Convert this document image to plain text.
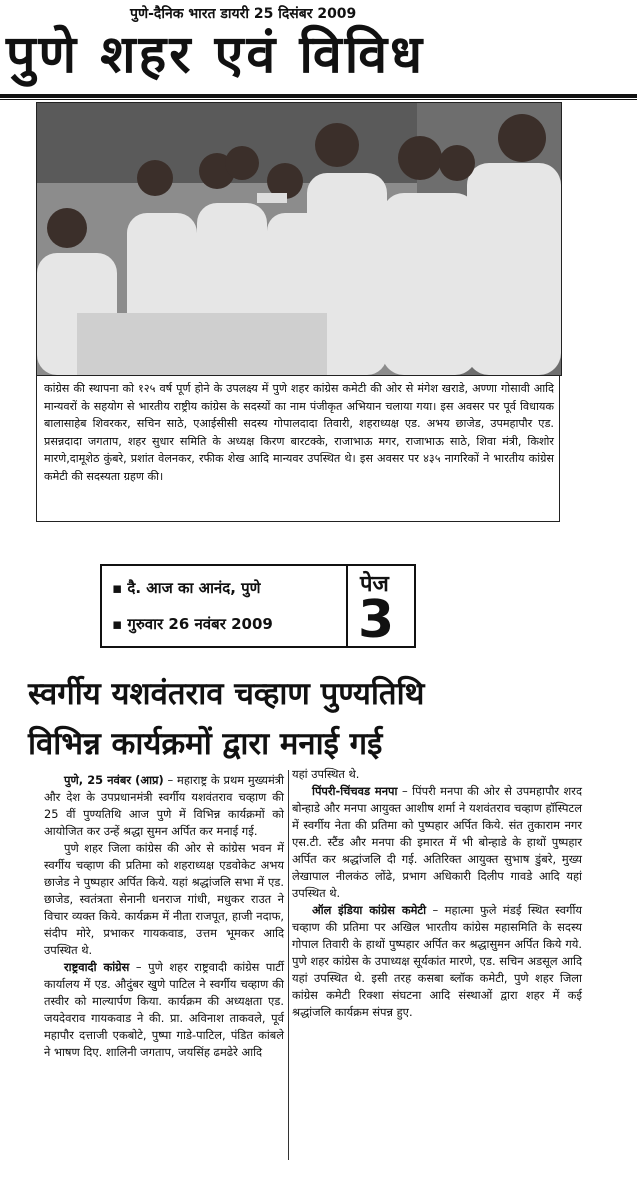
पुणे-दैनिक भारत डायरी 25 दिसंबर 2009
पुणे शहर एवं विविध
कांग्रेस की स्थापना को १२५ वर्ष पूर्ण होने के उपलक्ष्य में पुणे शहर कांग्रेस कमेटी की ओर से मंगेश खराडे, अण्णा गोसावी आदि मान्यवरों के सहयोग से भारतीय राष्ट्रीय कांग्रेस के सदस्यों का नाम पंजीकृत अभियान चलाया गया। इस अवसर पर पूर्व विधायक बालासाहेब शिवरकर, सचिन साठे, एआईसीसी सदस्य गोपालदादा तिवारी, शहराध्यक्ष एड. अभय छाजेड, उपमहापौर एड. प्रसन्नदादा जगताप, शहर सुधार समिति के अध्यक्ष किरण बारटक्के, राजाभाऊ मगर, राजाभाऊ साठे, शिवा मंत्री, किशोर मारणे,दामूशेठ कुंबरे, प्रशांत वेलनकर, रफीक शेख आदि मान्यवर उपस्थित थे। इस अवसर पर ४३५ नागरिकों ने भारतीय कांग्रेस कमेटी की सदस्यता ग्रहण की।
▪ दै. आज का आनंद, पुणे
▪ गुरुवार 26 नवंबर 2009
पेज
3
स्वर्गीय यशवंतराव चव्हाण पुण्यतिथि
विभिन्न कार्यक्रमों द्वारा मनाई गई

पुणे, 25 नवंबर (आप्र) – महाराष्ट्र के प्रथम मुख्यमंत्री और देश के उपप्रधानमंत्री स्वर्गीय यशवंतराव चव्हाण की 25 वीं पुण्यतिथि आज पुणे में विभिन्न कार्यक्रमों को आयोजित कर उन्हें श्रद्धा सुमन अर्पित कर मनाई गई.

पुणे शहर जिला कांग्रेस की ओर से कांग्रेस भवन में स्वर्गीय चव्हाण की प्रतिमा को शहराध्यक्ष एडवोकेट अभय छाजेड ने पुष्पहार अर्पित किये. यहां श्रद्धांजलि सभा में एड. छाजेड, स्वतंत्रता सेनानी धनराज गांधी, मधुकर राउत ने विचार व्यक्त किये. कार्यक्रम में नीता राजपूत, हाजी नदाफ, संदीप मोरे, प्रभाकर गायकवाड, उत्तम भूमकर आदि उपस्थित थे.

राष्ट्रवादी कांग्रेस – पुणे शहर राष्ट्रवादी कांग्रेस पार्टी कार्यालय में एड. औदुंबर खुणे पाटिल ने स्वर्गीय चव्हाण की तस्वीर को माल्यार्पण किया. कार्यक्रम की अध्यक्षता एड. जयदेवराव गायकवाड ने की. प्रा. अविनाश ताकवले, पूर्व महापौर दत्ताजी एकबोटे, पुष्पा गाडे-पाटिल, पंडित कांबले ने भाषण दिए. शालिनी जगताप, जयसिंह ढमढेरे आदि

यहां उपस्थित थे.

पिंपरी-चिंचवड मनपा – पिंपरी मनपा की ओर से उपमहापौर शरद बोन्हाडे और मनपा आयुक्त आशीष शर्मा ने यशवंतराव चव्हाण हॉस्पिटल में स्वर्गीय नेता की प्रतिमा को पुष्पहार अर्पित किये. संत तुकाराम नगर एस.टी. स्टैंड और मनपा की इमारत में भी बोन्हाडे के हाथों पुष्पहार अर्पित कर श्रद्धांजलि दी गई. अतिरिक्त आयुक्त सुभाष डुंबरे, मुख्य लेखापाल नीलकंठ लोंढे, प्रभाग अधिकारी दिलीप गावडे आदि यहां उपस्थित थे.

ऑल इंडिया कांग्रेस कमेटी – महात्मा फुले मंडई स्थित स्वर्गीय चव्हाण की प्रतिमा पर अखिल भारतीय कांग्रेस महासमिति के सदस्य गोपाल तिवारी के हाथों पुष्पहार अर्पित कर श्रद्धासुमन अर्पित किये गये. पुणे शहर कांग्रेस के उपाध्यक्ष सूर्यकांत मारणे, एड. सचिन अडसूल आदि यहां उपस्थित थे. इसी तरह कसबा ब्लॉक कमेटी, पुणे शहर जिला कांग्रेस कमेटी रिक्शा संघटना आदि संस्थाओं द्वारा शहर में कई श्रद्धांजलि कार्यक्रम संपन्न हुए.
